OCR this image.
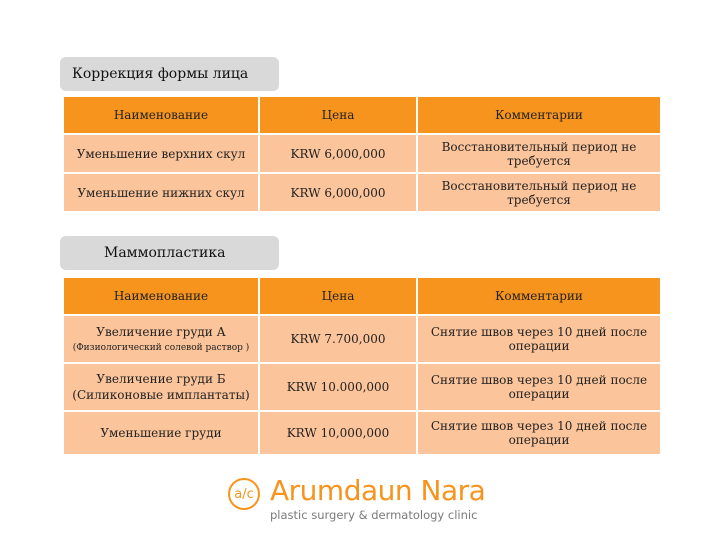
Коррекция формы лица
Наименование	Цена	Комментарии
Уменьшение верхних скул	KRW 6,000,000	Восстановительный период не требуется
Уменьшение нижних скул	KRW 6,000,000	Восстановительный период не требуется
Маммопластика
Наименование	Цена	Комментарии
Увеличение груди А
(Физиологический солевой раствор )	KRW 7.700,000	Снятие швов через 10 дней после операции
Увеличение груди Б
(Силиконовые имплантаты)	KRW 10.000,000	Снятие швов через 10 дней после операции
Уменьшение груди	KRW 10,000,000	Снятие швов через 10 дней после операции
a/c Arumdaun Nara
plastic surgery & dermatology clinic
